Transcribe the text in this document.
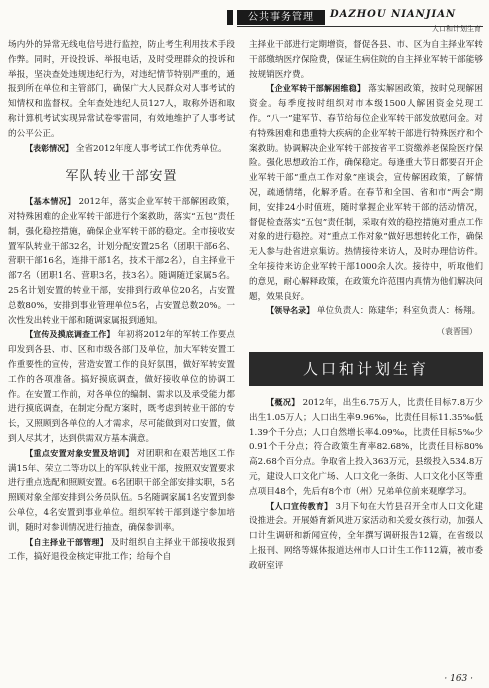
公共事务管理	DAZHOU NIANJIAN
人口和计划生育

场内外的异常无线电信号进行监控，防止考生利用技术手段作弊。同时，开设投诉、举报电话，及时受理群众的投诉和举报，坚决查处违规违纪行为，对违纪情节特别严重的，通报到所在单位和主管部门，确保广大人民群众对人事考试的知情权和监督权。全年查处违纪人员127人，取称外语和取称计算机考试实现异常试卷零雷同，有效地维护了人事考试的公平公正。

【表彰情况】 全省2012年度人事考试工作优秀单位。

军队转业干部安置

【基本情况】 2012年，落实企业军转干部解困政策，对特殊困难的企业军转干部进行个案救助，落实“五包”责任制，强化稳控措施，确保企业军转干部的稳定。全市接收安置军队转业干部32名，计划分配安置25名（团职干部6名、营职干部16名，连排干部1名，技术干部2名），自主择业干部7名（团职1名、营职3名，技3名）。随调随迁家属5名。25名计划安置的转业干部，安排到行政单位20名，占安置总数80%，安排到事业管理单位5名，占安置总数20%。一次性发出转业干部和随调家属报到通知。

【宣传及摸底调查工作】 年初将2012年的军转工作要点印发到各县、市、区和市级各部门及单位，加大军转安置工作重要性的宣传，营造安置工作的良好氛围，做好军转安置工作的各项准备。搞好摸底调查，做好接收单位的协调工作。在安置工作前，对各单位的编制、需求以及承受能力都进行摸底调查，在制定分配方案时，既考虑到转业干部的专长，又照顾到各单位的人才需求，尽可能做到对口安置，做到人尽其才，达到供需双方基本满意。

【重点安置对象安置及培训】 对团职和在艰苦地区工作满15年、荣立二等功以上的军队转业干部，按照双安置要求进行重点选配和照顾安置。6名团职干部全部安排实职，5名照顾对象全部安排到公务员队伍。5名随调家属1名安置到参公单位，4名安置到事业单位。组织军转干部到遂宁参加培训，随时对参训情况进行抽查，确保参训率。

【自主择业干部管理】 及时组织自主择业干部接收报到工作，搞好退役金核定审批工作；给每个自

主择业干部进行定期增资，督促各县、市、区为自主择业军转干部缴纳医疗保险费，保证生病住院的自主择业军转干部能够按规销医疗费。

【企业军转干部解困维稳】 落实解困政策，按时兑现解困资金。每季度按时组织对市本级1500人解困资金兑现工作。“八一”建军节、春节给每位企业军转干部发放慰问金。对有特殊困难和患重特大疾病的企业军转干部进行特殊医疗和个案救助。协调解决企业军转干部按省平工资缴养老保险医疗保险。强化思想政治工作，确保稳定。每逢重大节日都要召开企业军转干部“重点工作对象”座谈会，宣传解困政策，了解情况，疏通情绪，化解矛盾。在春节和全国、省和市“两会”期间，安排24小时值班，随时掌握企业军转干部的活动情况，督促检查落实“五包”责任制，采取有效的稳控措施对重点工作对象的进行稳控。对“重点工作对象”做好思想转化工作，确保无人参与赴省进京集访。热情接待来访人，及时办理信访件。全年接待来访企业军转干部1000余人次。接待中，听取他们的意见，耐心解释政策，在政策允许范围内真情为他们解决问题，效果良好。

【领导名录】 单位负责人：陈建华；科室负责人：杨翔。

（袁晋国）
人口和计划生育

【概况】 2012年，出生6.75万人，比责任目标7.8万少出生1.05万人；人口出生率9.96‰，比责任目标11.35‰低1.39个千分点；人口自然增长率4.09‰，比责任目标5‰少0.91个千分点；符合政策生育率82.68%，比责任目标80%高2.68个百分点。争取省上投入363万元，县级投入534.8万元，建设人口文化广场、人口文化一条街、人口文化小区等重点项目48个，先后有8个市（州）兄弟单位前来观摩学习。

【人口宣传教育】 3月下旬在大竹县召开全市人口文化建设推进会。开展婚育新风进万家活动和关爱女孩行动，加强人口计生调研和新闻宣传，全年撰写调研报告12篇，在省级以上报刊、网络等媒体报道达州市人口计生工作112篇，被市委政研室评

· 163 ·
